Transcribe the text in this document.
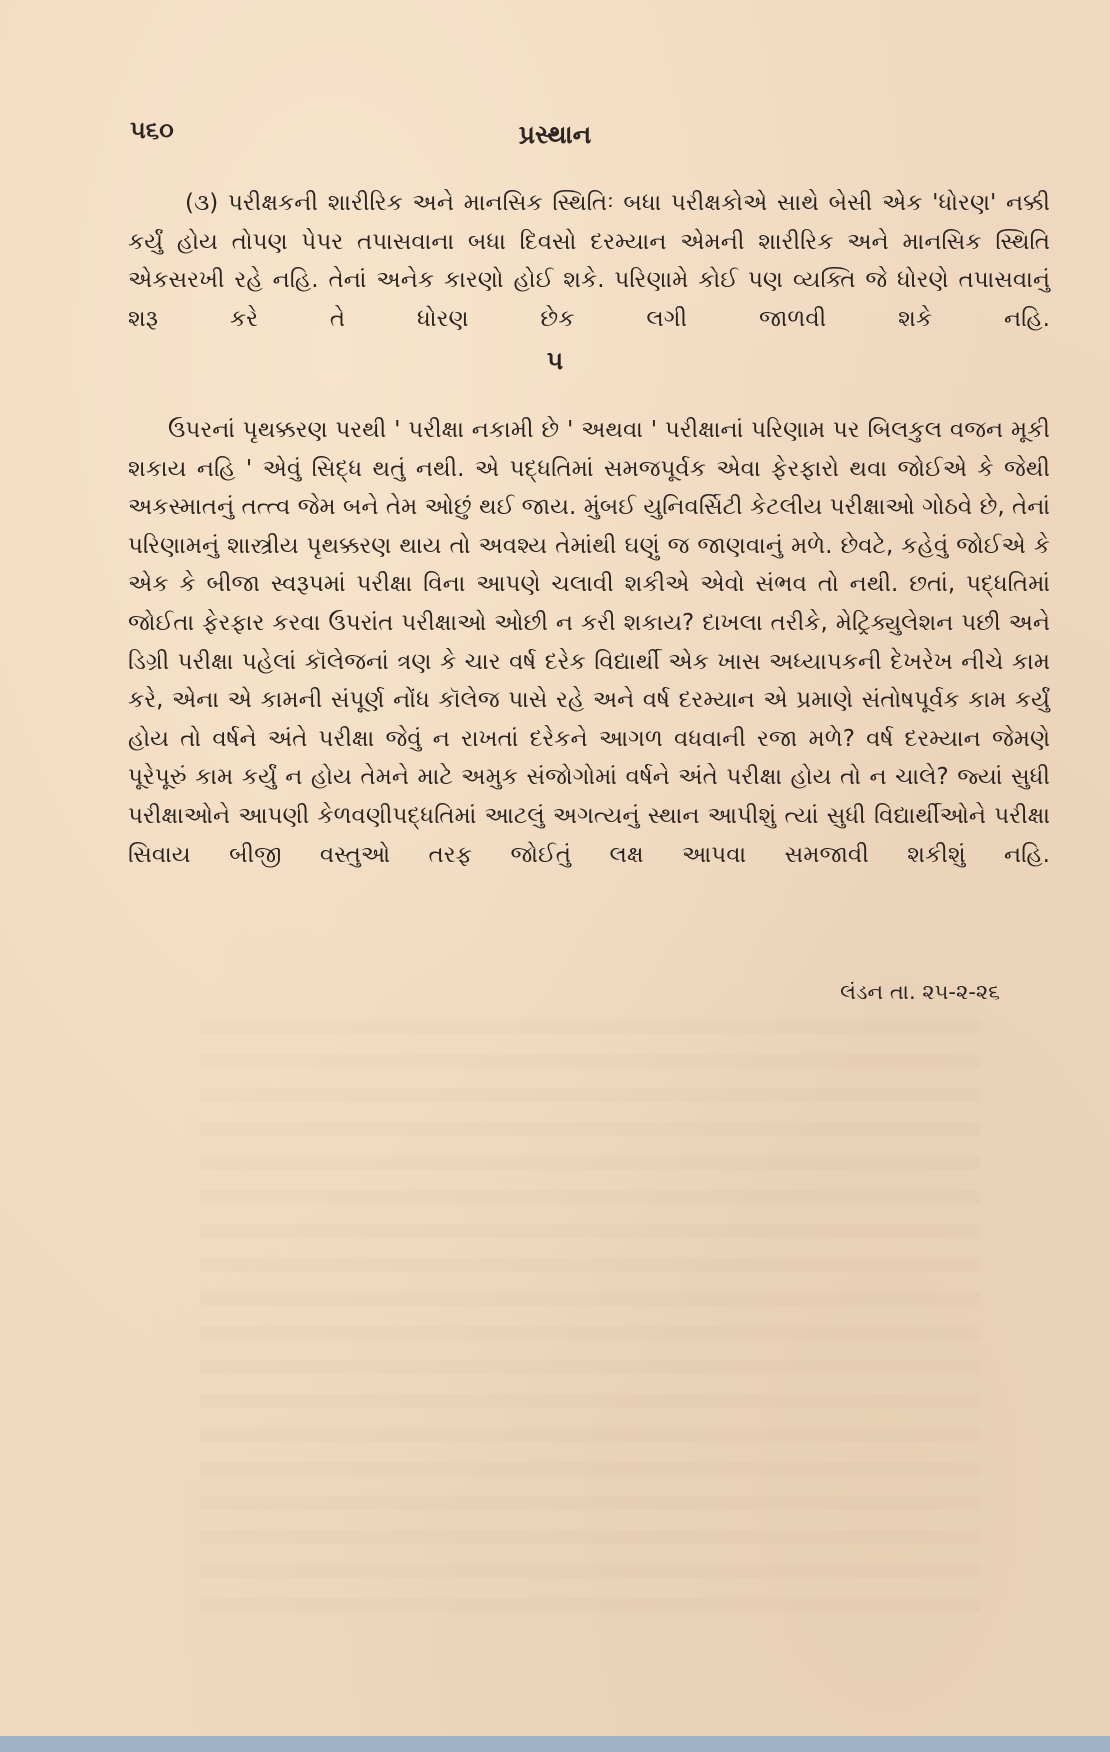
૫૬૦	પ્રસ્થાન

(૩) પરીક્ષકની શારીરિક અને માનસિક સ્થિતિઃ બધા પરીક્ષકોએ સાથે બેસી એક 'ધોરણ' નક્કી કર્યું હોય તોપણ પેપર તપાસવાના બધા દિવસો દરમ્યાન એમની શારીરિક અને માનસિક સ્થિતિ એકસરખી રહે નહિ. તેનાં અનેક કારણો હોઈ શકે. પરિણામે કોઈ પણ વ્યક્તિ જે ધોરણે તપાસવાનું શરૂ કરે તે ધોરણ છેક લગી જાળવી શકે નહિ.

૫

ઉપરનાં પૃથક્કરણ પરથી ' પરીક્ષા નકામી છે ' અથવા ' પરીક્ષાનાં પરિણામ પર બિલકુલ વજન મૂકી શકાય નહિ ' એવું સિદ્ધ થતું નથી. એ પદ્ધતિમાં સમજપૂર્વક એવા ફેરફારો થવા જોઈએ કે જેથી અકસ્માતનું તત્ત્વ જેમ બને તેમ ઓછું થઈ જાય. મુંબઈ યુનિવર્સિટી કેટલીય પરીક્ષાઓ ગોઠવે છે, તેનાં પરિણામનું શાસ્ત્રીય પૃથક્કરણ થાય તો અવશ્ય તેમાંથી ઘણું જ જાણવાનું મળે. છેવટે, કહેવું જોઈએ કે એક કે બીજા સ્વરૂપમાં પરીક્ષા વિના આપણે ચલાવી શકીએ એવો સંભવ તો નથી. છતાં, પદ્ધતિમાં જોઈતા ફેરફાર કરવા ઉપરાંત પરીક્ષાઓ ઓછી ન કરી શકાય? દાખલા તરીકે, મેટ્રિક્યુલેશન પછી અને ડિગ્રી પરીક્ષા પહેલાં કૉલેજનાં ત્રણ કે ચાર વર્ષ દરેક વિદ્યાર્થી એક ખાસ અધ્યાપકની દેખરેખ નીચે કામ કરે, એના એ કામની સંપૂર્ણ નોંધ કૉલેજ પાસે રહે અને વર્ષ દરમ્યાન એ પ્રમાણે સંતોષપૂર્વક કામ કર્યું હોય તો વર્ષને અંતે પરીક્ષા જેવું ન રાખતાં દરેકને આગળ વધવાની રજા મળે? વર્ષ દરમ્યાન જેમણે પૂરેપૂરું કામ કર્યું ન હોય તેમને માટે અમુક સંજોગોમાં વર્ષને અંતે પરીક્ષા હોય તો ન ચાલે? જ્યાં સુધી પરીક્ષાઓને આપણી કેળવણીપદ્ધતિમાં આટલું અગત્યનું સ્થાન આપીશું ત્યાં સુધી વિદ્યાર્થીઓને પરીક્ષા સિવાય બીજી વસ્તુઓ તરફ જોઈતું લક્ષ આપવા સમજાવી શકીશું નહિ.

લંડન તા. ૨૫-૨-૨૬
